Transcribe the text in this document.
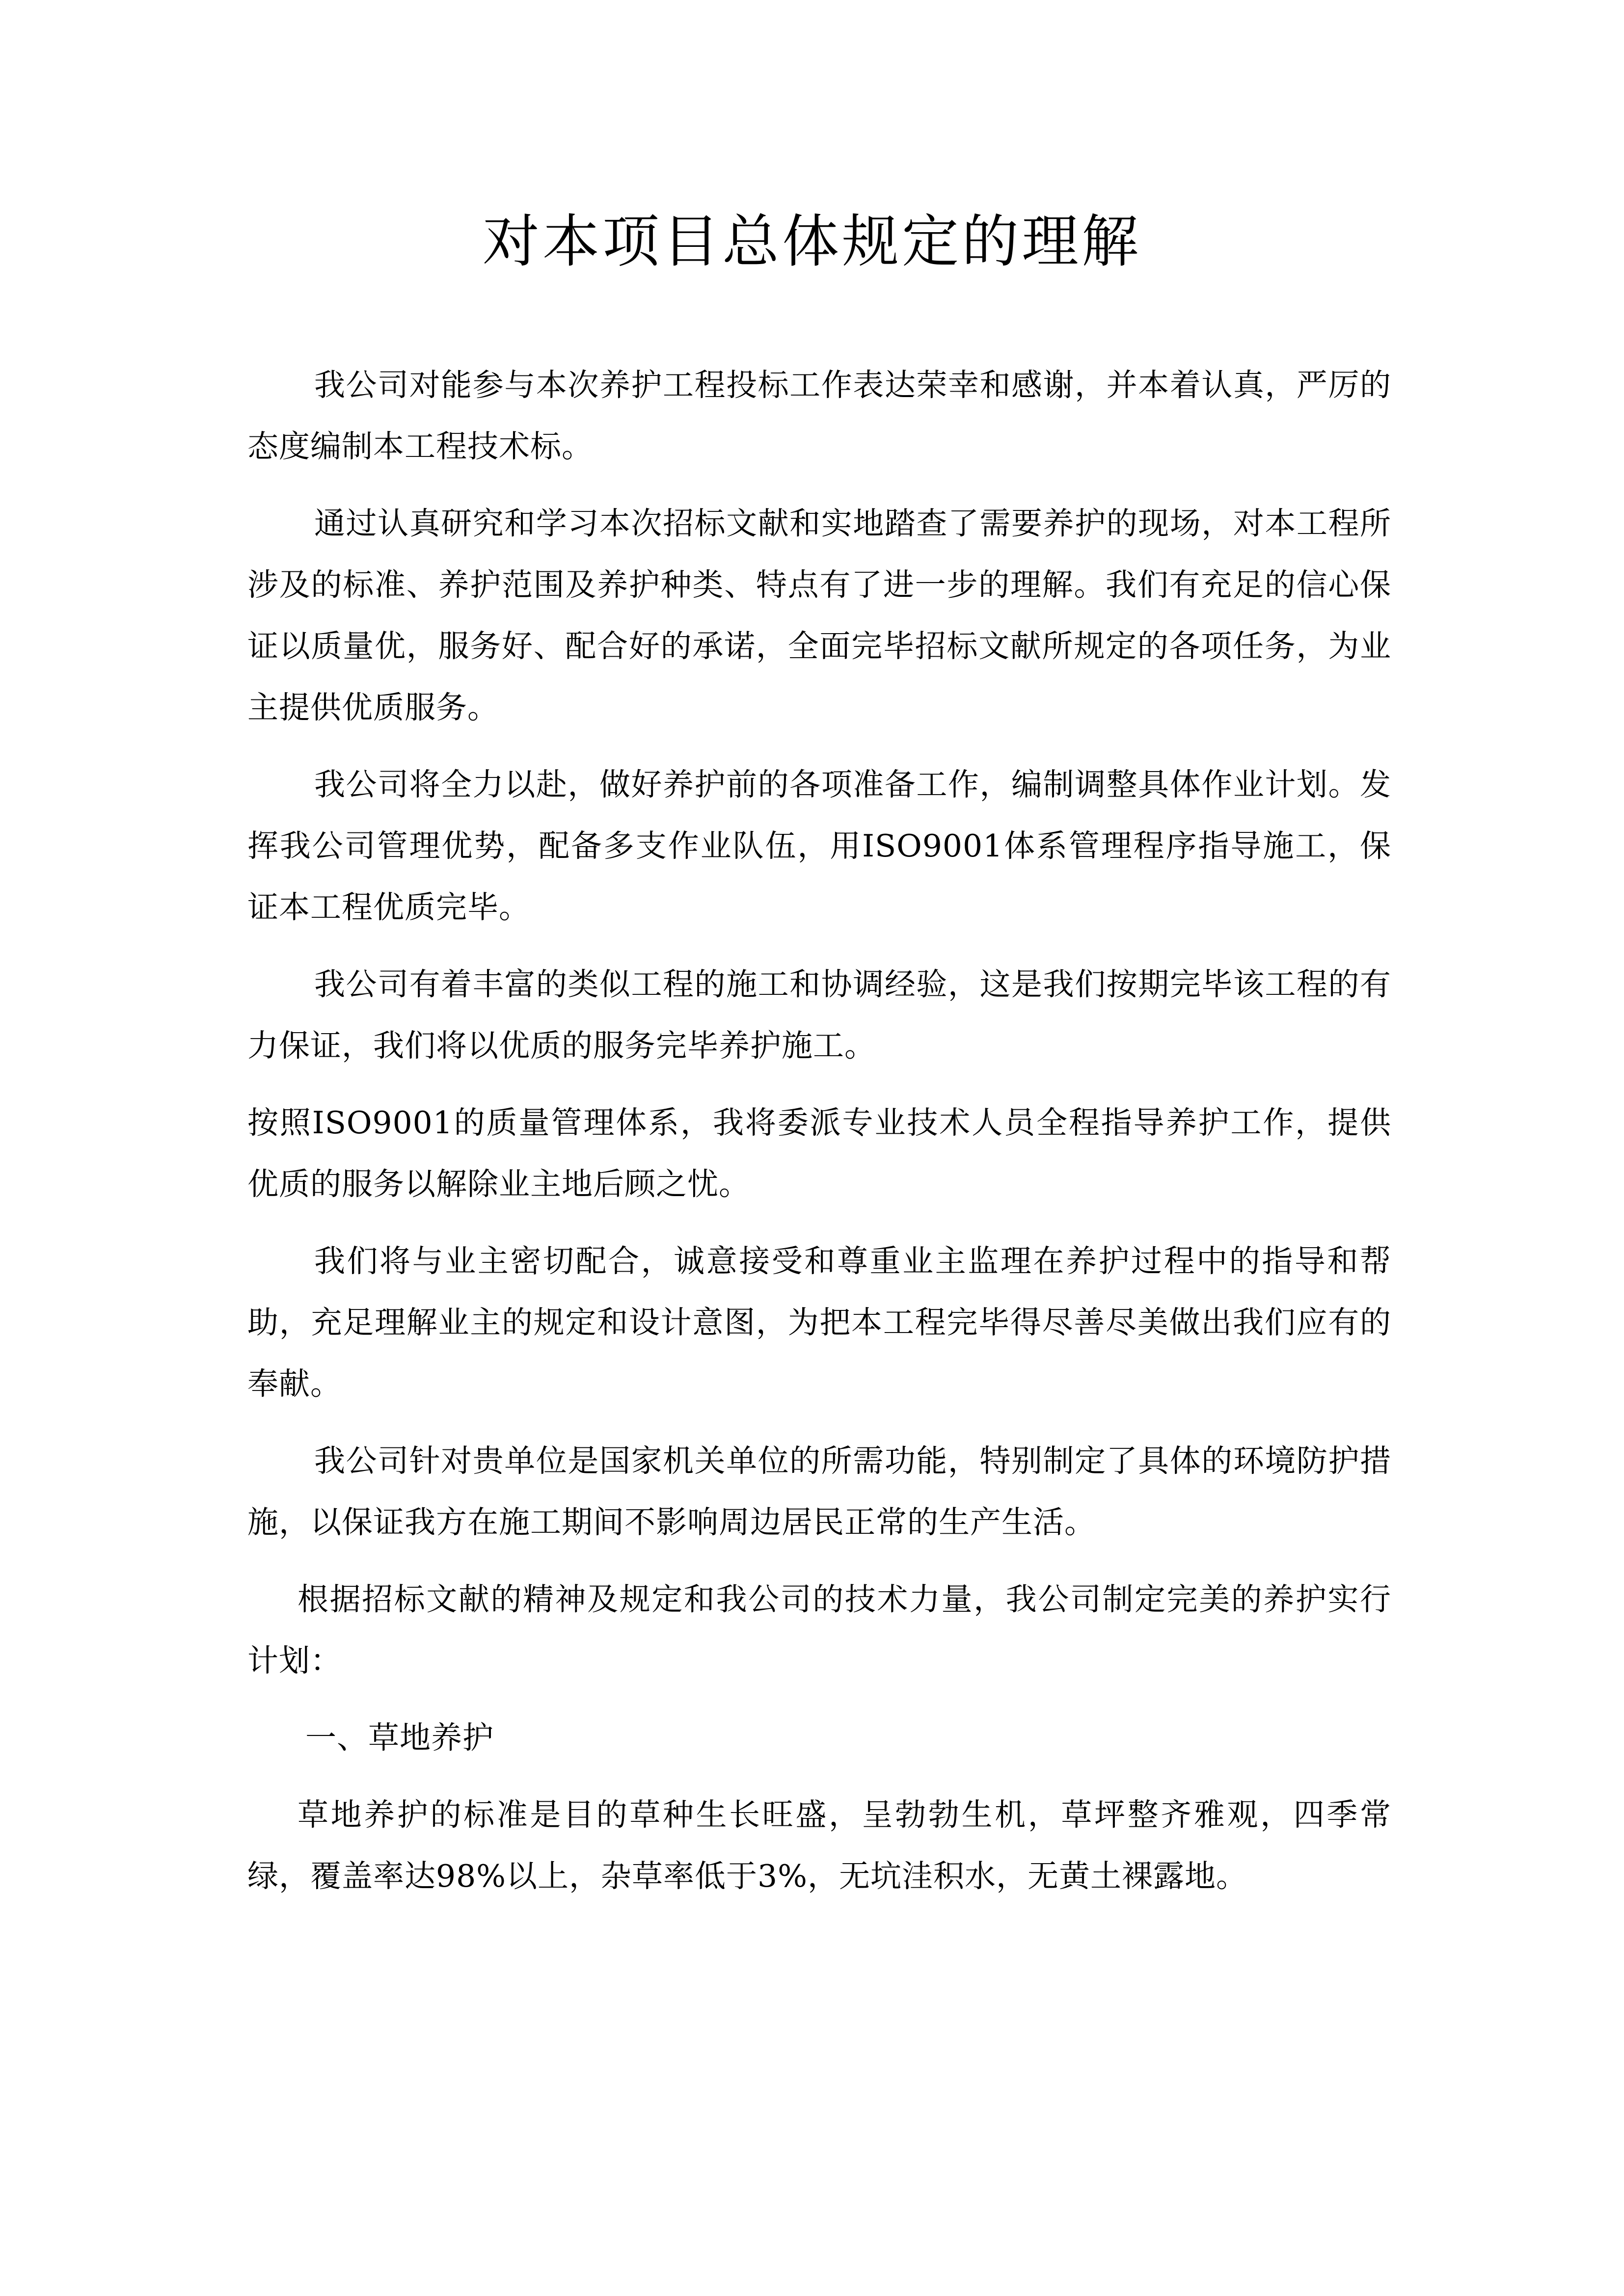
对本项目总体规定的理解

我公司对能参与本次养护工程投标工作表达荣幸和感谢，并本着认真，严厉的态度编制本工程技术标。

通过认真研究和学习本次招标文献和实地踏查了需要养护的现场，对本工程所涉及的标准、养护范围及养护种类、特点有了进一步的理解。我们有充足的信心保证以质量优，服务好、配合好的承诺，全面完毕招标文献所规定的各项任务，为业主提供优质服务。

我公司将全力以赴，做好养护前的各项准备工作，编制调整具体作业计划。发挥我公司管理优势，配备多支作业队伍，用ISO9001体系管理程序指导施工，保证本工程优质完毕。

我公司有着丰富的类似工程的施工和协调经验，这是我们按期完毕该工程的有力保证，我们将以优质的服务完毕养护施工。

按照ISO9001的质量管理体系，我将委派专业技术人员全程指导养护工作，提供优质的服务以解除业主地后顾之忧。

我们将与业主密切配合，诚意接受和尊重业主监理在养护过程中的指导和帮助，充足理解业主的规定和设计意图，为把本工程完毕得尽善尽美做出我们应有的奉献。

我公司针对贵单位是国家机关单位的所需功能，特别制定了具体的环境防护措施，以保证我方在施工期间不影响周边居民正常的生产生活。

根据招标文献的精神及规定和我公司的技术力量，我公司制定完美的养护实行计划：

一、草地养护

草地养护的标准是目的草种生长旺盛，呈勃勃生机，草坪整齐雅观，四季常绿，覆盖率达98%以上，杂草率低于3%，无坑洼积水，无黄土裸露地。
